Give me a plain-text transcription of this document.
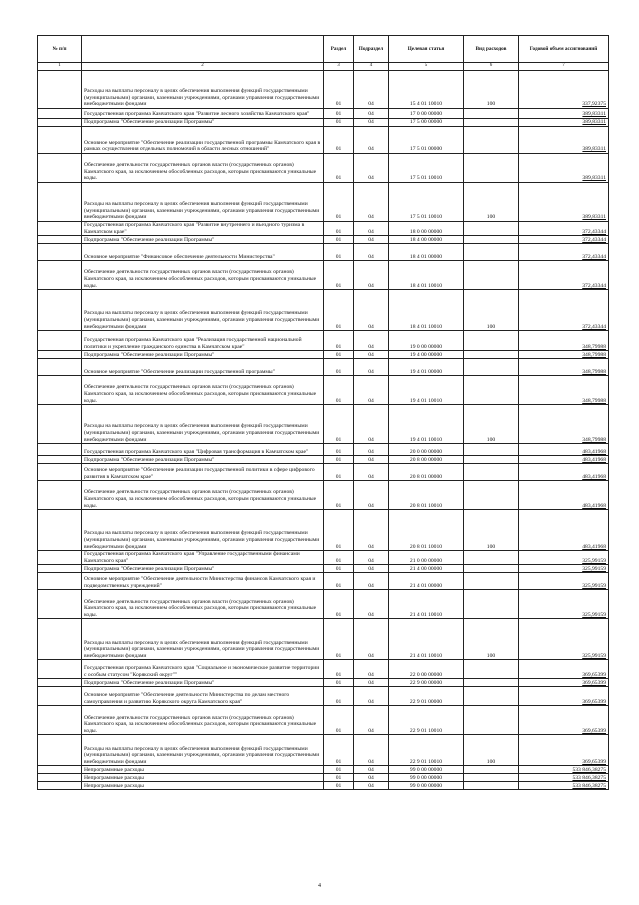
№ п/п		Раздел	Подраздел	Целевая статья	Вид расходов	Годовой объем ассигнований
1	2	3	4	5	6	7
	Расходы на выплаты персоналу в целях обеспечения выполнения функций государственными (муниципальными) органами, казенными учреждениями, органами управления государственными внебюджетными фондами	01	04	15 4 01 10010	100	337,92375
	Государственная программа Камчатского края "Развитие лесного хозяйства Камчатского края"	01	04	17 0 00 00000		389,83311
	Подпрограмма "Обеспечение реализации Программы"	01	04	17 5 00 00000		389,83311
	Основное мероприятие "Обеспечение реализации государственной программы Камчатского края в рамках осуществления отдельных полномочий в области лесных отношений"	01	04	17 5 01 00000		389,83311
	Обеспечение деятельности государственных органов власти (государственных органов) Камчатского края, за исключением обособленных расходов, которым присваиваются уникальные коды.	01	04	17 5 01 10010		389,83311
	Расходы на выплаты персоналу в целях обеспечения выполнения функций государственными (муниципальными) органами, казенными учреждениями, органами управления государственными внебюджетными фондами	01	04	17 5 01 10010	100	389,83311
	Государственная программа Камчатского края "Развитие внутреннего и въездного туризма в Камчатском крае"	01	04	18 0 00 00000		372,43344
	Подпрограмма "Обеспечение реализации Программы"	01	04	18 4 00 00000		372,43344
	Основное мероприятие "Финансовое обеспечение деятельности Министерства"	01	04	18 4 01 00000		372,43344
	Обеспечение деятельности государственных органов власти (государственных органов) Камчатского края, за исключением обособленных расходов, которым присваиваются уникальные коды.	01	04	18 4 01 10010		372,43344
	Расходы на выплаты персоналу в целях обеспечения выполнения функций государственными (муниципальными) органами, казенными учреждениями, органами управления государственными внебюджетными фондами	01	04	18 4 01 10010	100	372,43344
	Государственная программа Камчатского края "Реализация государственной национальной политики и укрепление гражданского единства в Камчатском крае"	01	04	19 0 00 00000		348,79988
	Подпрограмма "Обеспечение реализации Программы"	01	04	19 4 00 00000		348,79988
	Основное мероприятие "Обеспечение реализации государственной программы"	01	04	19 4 01 00000		348,79988
	Обеспечение деятельности государственных органов власти (государственных органов) Камчатского края, за исключением обособленных расходов, которым присваиваются уникальные коды.	01	04	19 4 01 10010		348,79988
	Расходы на выплаты персоналу в целях обеспечения выполнения функций государственными (муниципальными) органами, казенными учреждениями, органами управления государственными внебюджетными фондами	01	04	19 4 01 10010	100	348,79988
	Государственная программа Камчатского края "Цифровая трансформация в Камчатском крае"	01	04	20 0 00 00000		483,41968
	Подпрограмма "Обеспечение реализации Программы"	01	04	20 8 00 00000		483,41968
	Основное мероприятие "Обеспечение реализации государственной политики в сфере цифрового развития в Камчатском крае"	01	04	20 8 01 00000		483,41968
	Обеспечение деятельности государственных органов власти (государственных органов) Камчатского края, за исключением обособленных расходов, которым присваиваются уникальные коды.	01	04	20 8 01 10010		483,41968
	Расходы на выплаты персоналу в целях обеспечения выполнения функций государственными (муниципальными) органами, казенными учреждениями, органами управления государственными внебюджетными фондами	01	04	20 8 01 10010	100	483,41968
	Государственная программа Камчатского края "Управление государственными финансами Камчатского края"	01	04	21 0 00 00000		325,99159
	Подпрограмма "Обеспечение реализации Программы"	01	04	21 4 00 00000		325,99159
	Основное мероприятие "Обеспечение деятельности Министерства финансов Камчатского края и подведомственных учреждений"	01	04	21 4 01 00000		325,99159
	Обеспечение деятельности государственных органов власти (государственных органов) Камчатского края, за исключением обособленных расходов, которым присваиваются уникальные коды.	01	04	21 4 01 10010		325,99159
	Расходы на выплаты персоналу в целях обеспечения выполнения функций государственными (муниципальными) органами, казенными учреждениями, органами управления государственными внебюджетными фондами	01	04	21 4 01 10010	100	325,99159
	Государственная программа Камчатского края "Социальное и экономическое развитие территории с особым статусом "Корякский округ""	01	04	22 0 00 00000		369,65399
	Подпрограмма "Обеспечение реализации Программы"	01	04	22 9 00 00000		369,65399
	Основное мероприятие "Обеспечение деятельности Министерства по делам местного самоуправления и развитию Корякского округа Камчатского края"	01	04	22 9 01 00000		369,65399
	Обеспечение деятельности государственных органов власти (государственных органов) Камчатского края, за исключением обособленных расходов, которым присваиваются уникальные коды.	01	04	22 9 01 10010		369,65399
	Расходы на выплаты персоналу в целях обеспечения выполнения функций государственными (муниципальными) органами, казенными учреждениями, органами управления государственными внебюджетными фондами	01	04	22 9 01 10010	100	369,65399
	Непрограммные расходы	01	04	99 0 00 00000		533 846,38275
	Непрограммные расходы	01	04	99 0 00 00000		533 846,38275
	Непрограммные расходы	01	04	99 0 00 00000		533 846,38275
4
